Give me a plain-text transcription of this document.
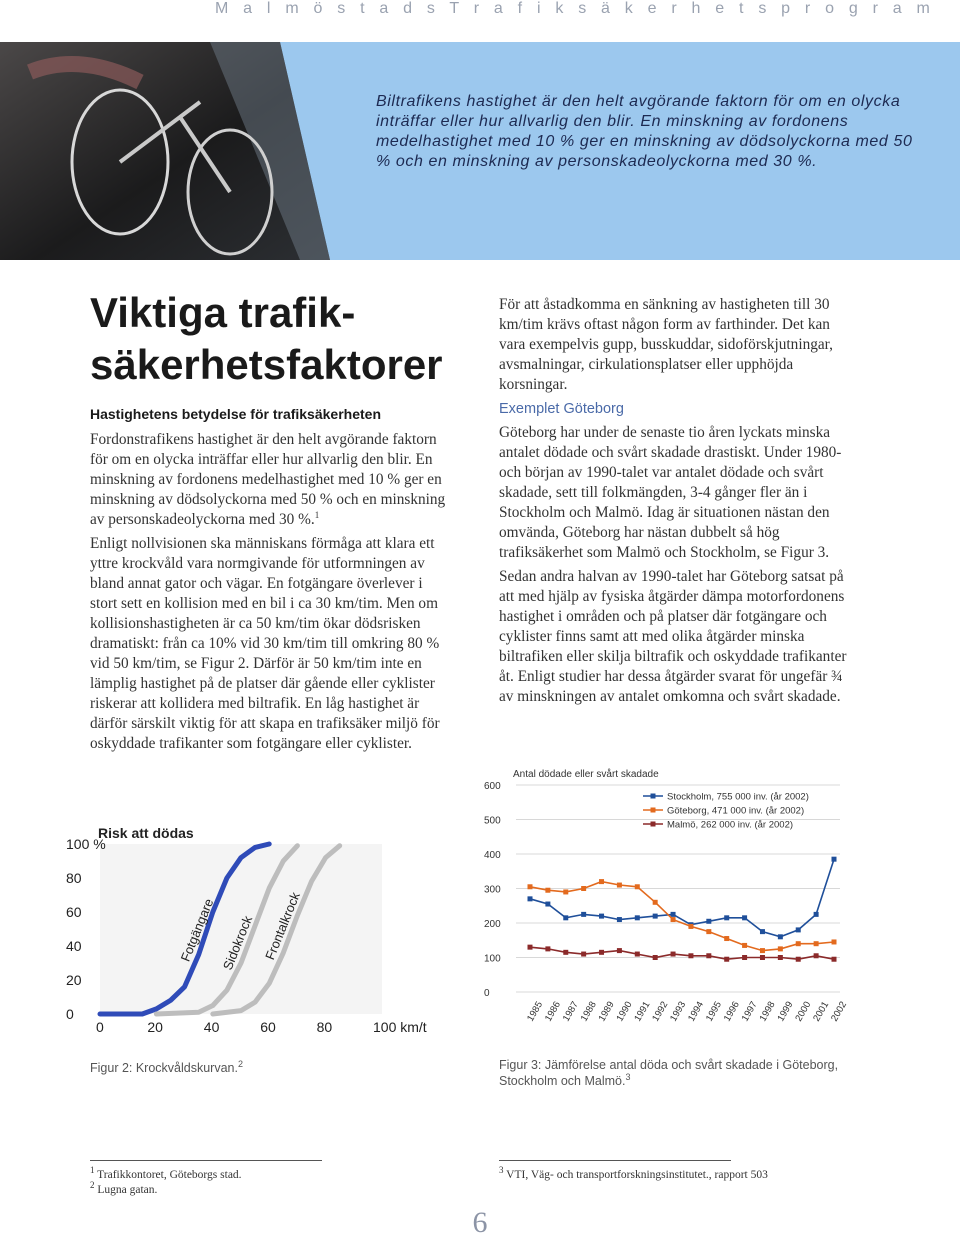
M a l m ö s t a d s T r a f i k s ä k e r h e t s p r o g r a m
Biltrafikens hastighet är den helt avgörande faktorn för om en olycka inträffar eller hur allvarlig den blir. En minskning av fordonens medelhastighet med 10 % ger en minskning av dödsolyckorna med 50 % och en minskning av personskadeolyckorna med 30 %.
Viktiga trafik- säkerhetsfaktorer
Hastighetens betydelse för trafiksäkerheten

Fordonstrafikens hastighet är den helt avgörande faktorn för om en olycka inträffar eller hur allvarlig den blir. En minskning av fordonens medelhastighet med 10 % ger en minskning av dödsolyckorna med 50 % och en minskning av personskadeolyckorna med 30 %.$^1$

Enligt nollvisionen ska människans förmåga att klara ett yttre krockvåld vara normgivande för utformningen av bland annat gator och vägar. En fotgängare överlever i stort sett en kollision med en bil i ca 30 km/tim. Men om kollisionshastigheten är ca 50 km/tim ökar dödsrisken dramatiskt: från ca 10% vid 30 km/tim till omkring 80 % vid 50 km/tim, se Figur 2. Därför är 50 km/tim inte en lämplig hastighet på de platser där gående eller cyklister riskerar att kollidera med biltrafik. En låg hastighet är därför särskilt viktig för att skapa en trafiksäker miljö för oskyddade trafikanter som fotgängare eller cyklister.

För att åstadkomma en sänkning av hastigheten till 30 km/tim krävs oftast någon form av farthinder. Det kan vara exempelvis gupp, busskuddar, sidoförskjutningar, avsmalningar, cirkulationsplatser eller upphöjda korsningar.

Exemplet Göteborg

Göteborg har under de senaste tio åren lyckats minska antalet dödade och svårt skadade drastiskt. Under 1980- och början av 1990-talet var antalet dödade och svårt skadade, sett till folkmängden, 3-4 gånger fler än i Stockholm och Malmö. Idag är situationen nästan den omvända, Göteborg har nästan dubbelt så hög trafiksäkerhet som Malmö och Stockholm, se Figur 3.

Sedan andra halvan av 1990-talet har Göteborg satsat på att med hjälp av fysiska åtgärder dämpa motorfordonens hastighet i områden och på platser där fotgängare och cyklister finns samt att med olika åtgärder minska biltrafiken eller skilja biltrafik och oskyddade trafikanter åt. Enligt studier har dessa åtgärder svarat för ungefär ¾ av minskningen av antalet omkomna och svårt skadade.

Risk att dödas
0
20
40
60
80
100 %
0	20	40	60	80	100 km/t
Fotgängare Sidokrock Frontalkrock
Antal dödade eller svårt skadade
0
100
200
300
400
500
600
1985
1986
1987
1988
1989
1990
1991
1992
1993
1994
1995
1996
1997
1998
1999
2000
2001
2002
Stockholm, 755 000 inv. (år 2002)
Göteborg, 471 000 inv. (år 2002)
Malmö, 262 000 inv. (år 2002)
Figur 2: Krockvåldskurvan.$^2$	Figur 3: Jämförelse antal döda och svårt skadade i Göteborg, Stockholm och Malmö.$^3$
$^1$ Trafikkontoret, Göteborgs stad.
$^2$ Lugna gatan.
$^3$ VTI, Väg- och transportforskningsinstitutet., rapport 503
6
